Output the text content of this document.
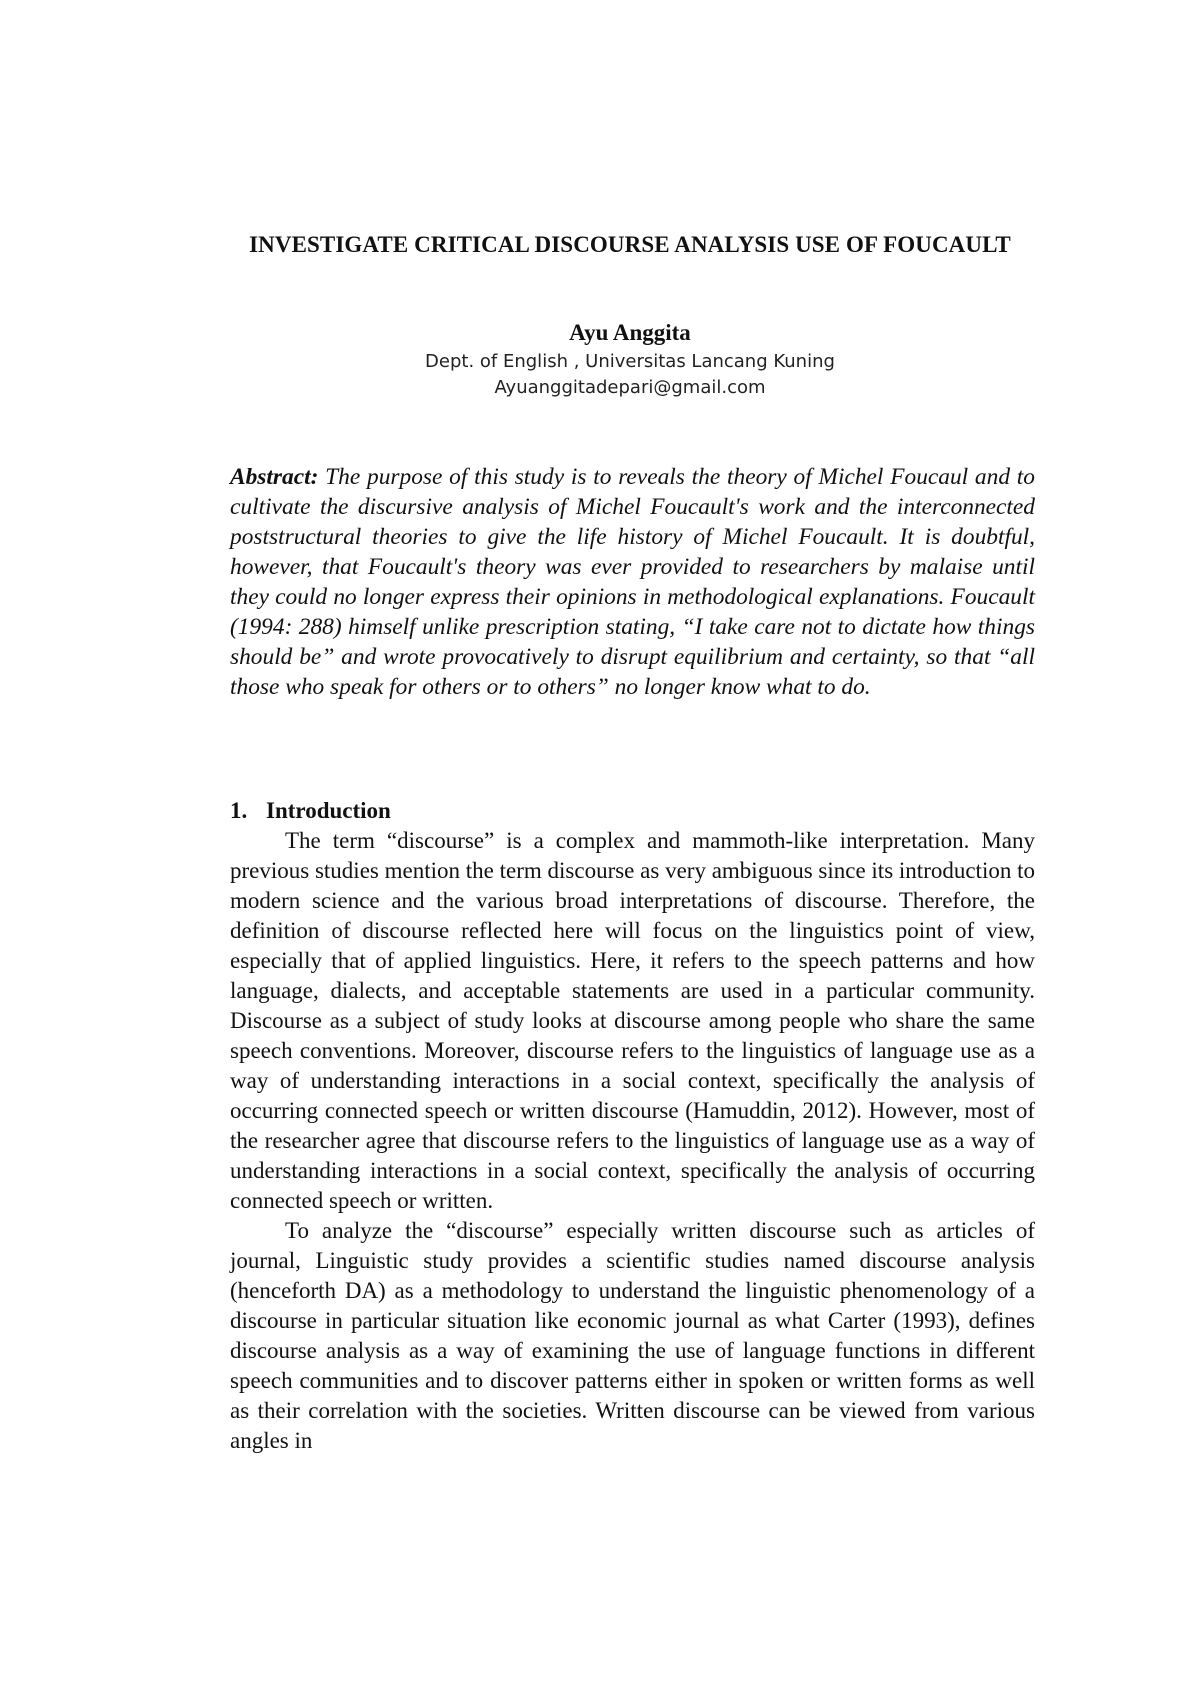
INVESTIGATE CRITICAL DISCOURSE ANALYSIS USE OF FOUCAULT
Ayu Anggita
Dept. of English , Universitas Lancang Kuning
Ayuanggitadepari@gmail.com

Abstract: The purpose of this study is to reveals the theory of Michel Foucaul and to cultivate the discursive analysis of Michel Foucault's work and the interconnected poststructural theories to give the life history of Michel Foucault. It is doubtful, however, that Foucault's theory was ever provided to researchers by malaise until they could no longer express their opinions in methodological explanations. Foucault (1994: 288) himself unlike prescription stating, “I take care not to dictate how things should be” and wrote provocatively to disrupt equilibrium and certainty, so that “all those who speak for others or to others” no longer know what to do.

1. Introduction

The term “discourse” is a complex and mammoth-like interpretation. Many previous studies mention the term discourse as very ambiguous since its introduction to modern science and the various broad interpretations of discourse. Therefore, the definition of discourse reflected here will focus on the linguistics point of view, especially that of applied linguistics. Here, it refers to the speech patterns and how language, dialects, and acceptable statements are used in a particular community. Discourse as a subject of study looks at discourse among people who share the same speech conventions. Moreover, discourse refers to the linguistics of language use as a way of understanding interactions in a social context, specifically the analysis of occurring connected speech or written discourse (Hamuddin, 2012). However, most of the researcher agree that discourse refers to the linguistics of language use as a way of understanding interactions in a social context, specifically the analysis of occurring connected speech or written.

To analyze the “discourse” especially written discourse such as articles of journal, Linguistic study provides a scientific studies named discourse analysis (henceforth DA) as a methodology to understand the linguistic phenomenology of a discourse in particular situation like economic journal as what Carter (1993), defines discourse analysis as a way of examining the use of language functions in different speech communities and to discover patterns either in spoken or written forms as well as their correlation with the societies. Written discourse can be viewed from various angles in
